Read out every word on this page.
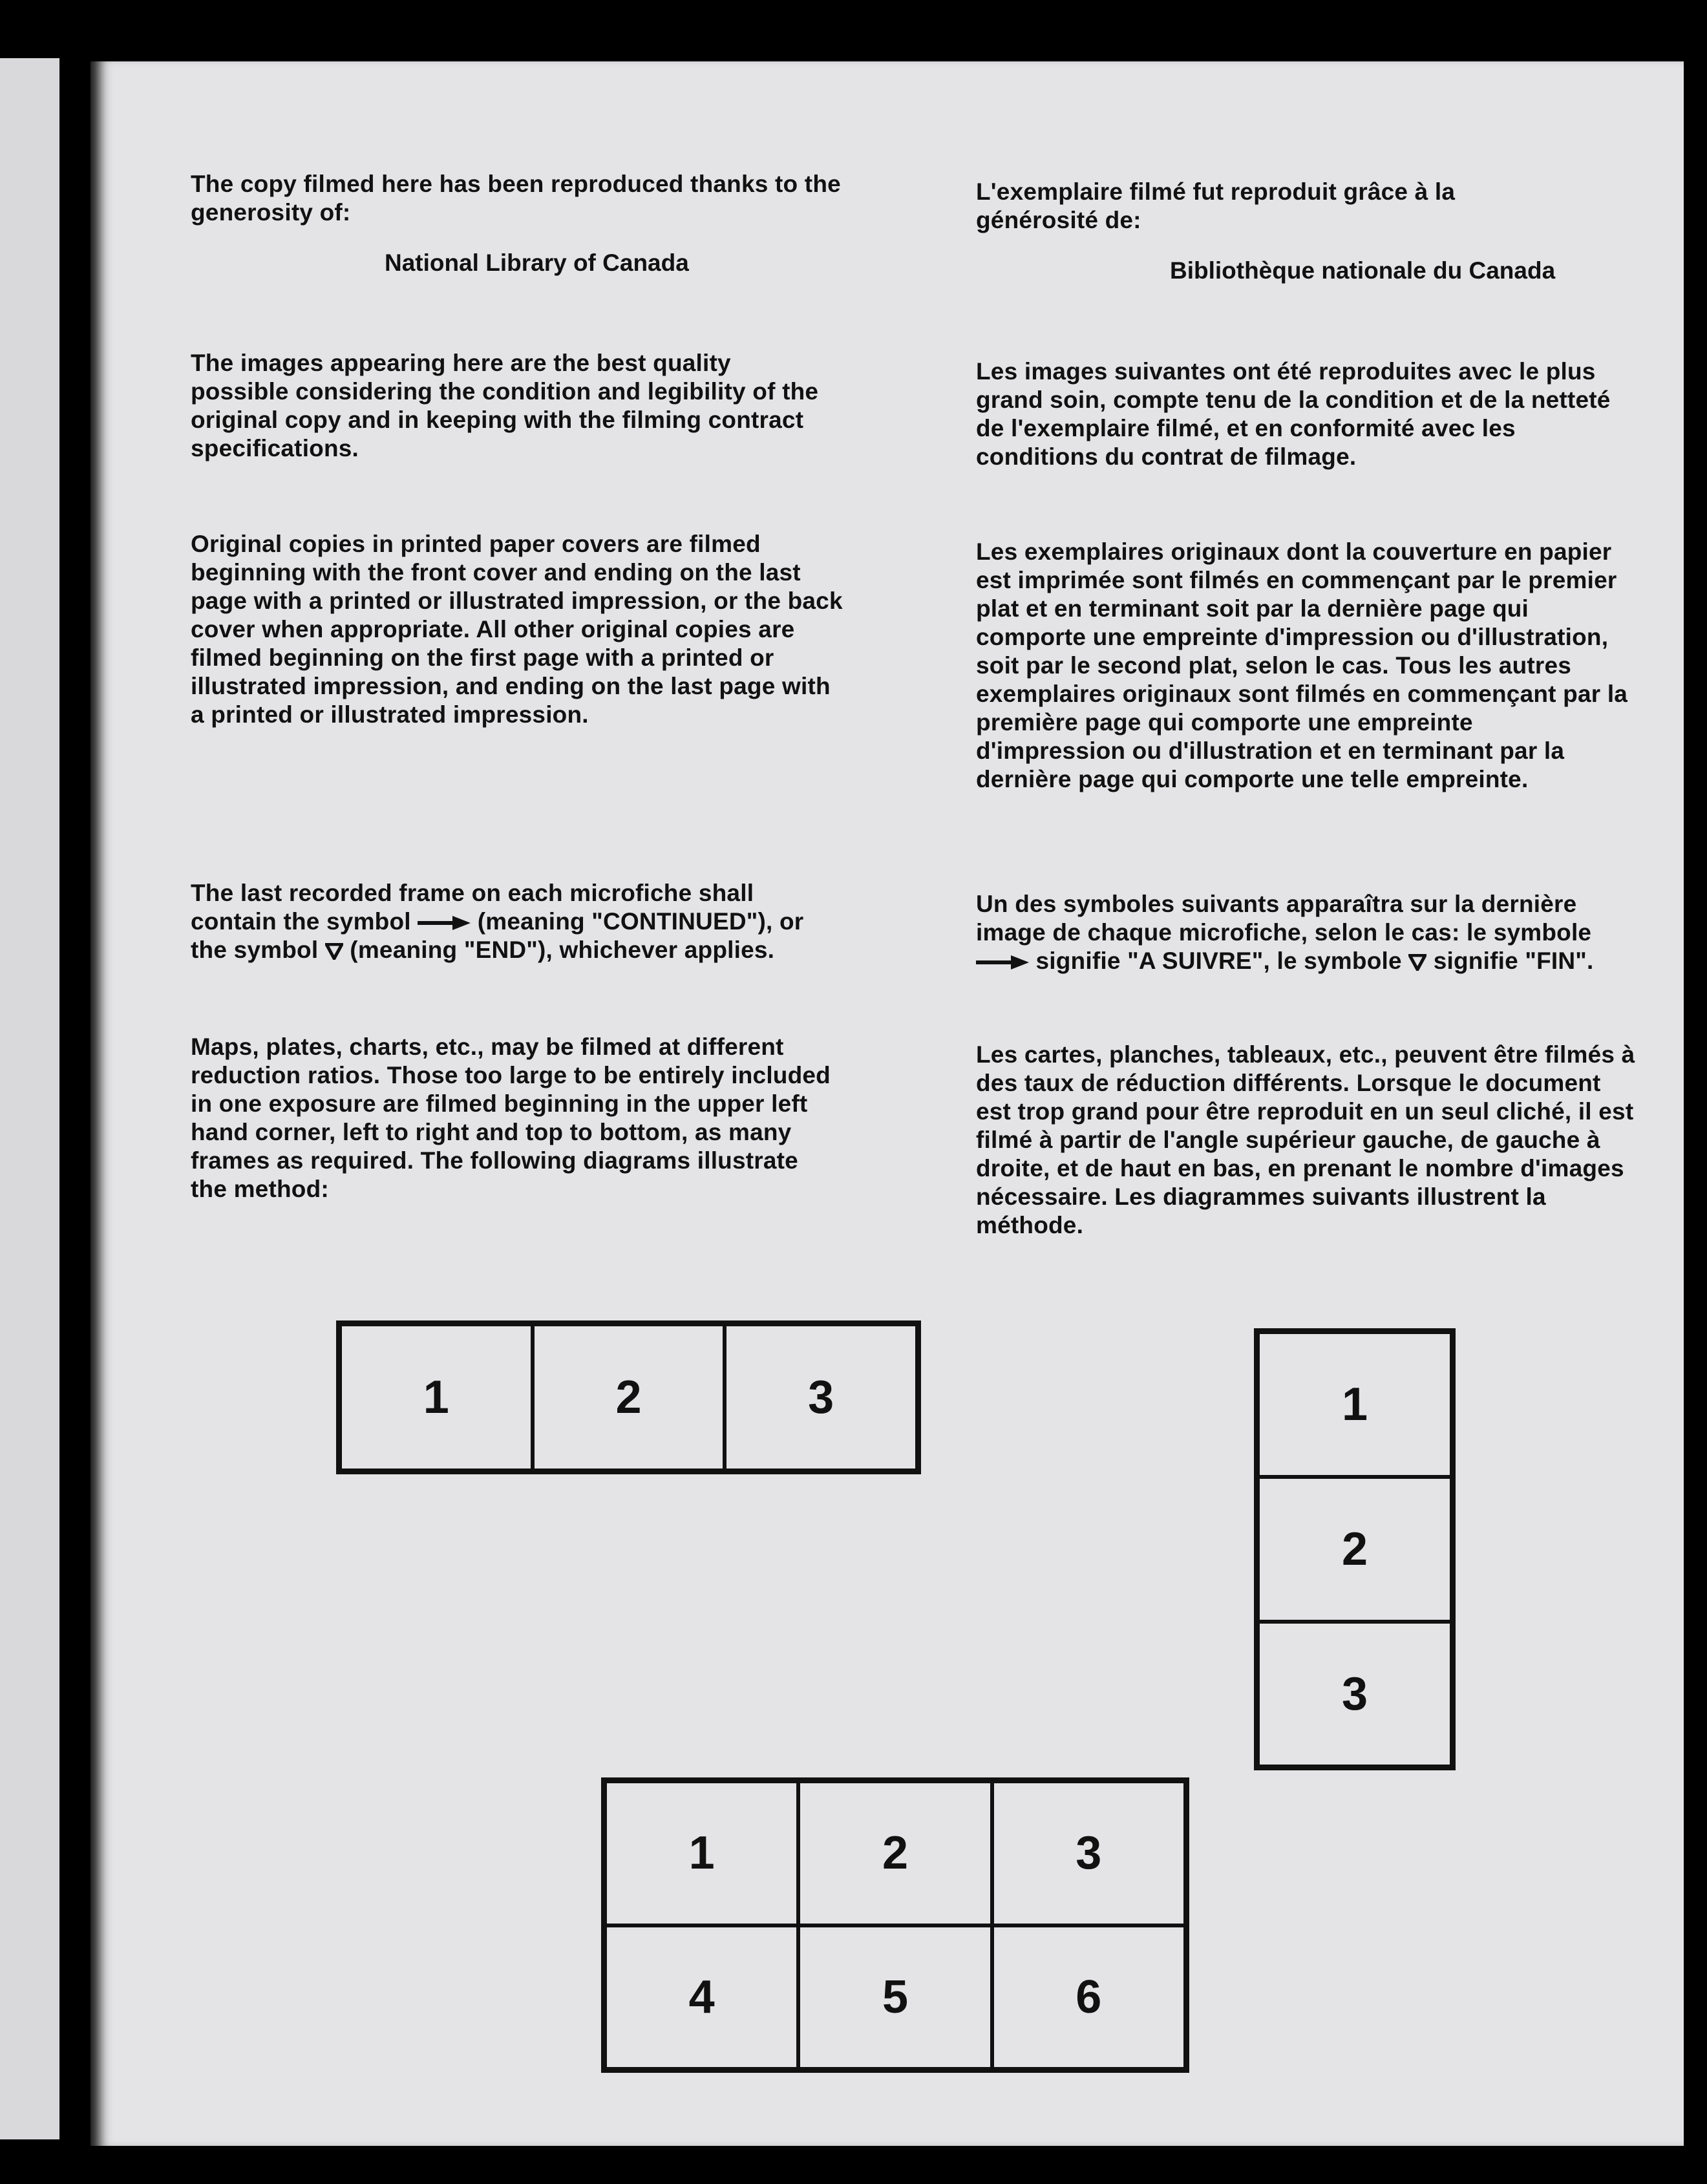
The copy filmed here has been reproduced thanks to the generosity of:

National Library of Canada

The images appearing here are the best quality possible considering the condition and legibility of the original copy and in keeping with the filming contract specifications.

Original copies in printed paper covers are filmed beginning with the front cover and ending on the last page with a printed or illustrated impression, or the back cover when appropriate. All other original copies are filmed beginning on the first page with a printed or illustrated impression, and ending on the last page with a printed or illustrated impression.

The last recorded frame on each microfiche shall contain the symbol	(meaning "CONTINUED"), or the symbol (meaning "END"), whichever applies.

Maps, plates, charts, etc., may be filmed at different reduction ratios. Those too large to be entirely included in one exposure are filmed beginning in the upper left hand corner, left to right and top to bottom, as many frames as required. The following diagrams illustrate the method:

L'exemplaire filmé fut reproduit grâce à la générosité de:

Bibliothèque nationale du Canada

Les images suivantes ont été reproduites avec le plus grand soin, compte tenu de la condition et de la netteté de l'exemplaire filmé, et en conformité avec les conditions du contrat de filmage.

Les exemplaires originaux dont la couverture en papier est imprimée sont filmés en commençant par le premier plat et en terminant soit par la dernière page qui comporte une empreinte d'impression ou d'illustration, soit par le second plat, selon le cas. Tous les autres exemplaires originaux sont filmés en commençant par la première page qui comporte une empreinte d'impression ou d'illustration et en terminant par la dernière page qui comporte une telle empreinte.

Un des symboles suivants apparaîtra sur la dernière image de chaque microfiche, selon le cas: le symbole  signifie "A SUIVRE", le symbole signifie "FIN".

Les cartes, planches, tableaux, etc., peuvent être filmés à des taux de réduction différents. Lorsque le document est trop grand pour être reproduit en un seul cliché, il est filmé à partir de l'angle supérieur gauche, de gauche à droite, et de haut en bas, en prenant le nombre d'images nécessaire. Les diagrammes suivants illustrent la méthode.

1	2	3	1
2
3
1	2	3
4	5	6
